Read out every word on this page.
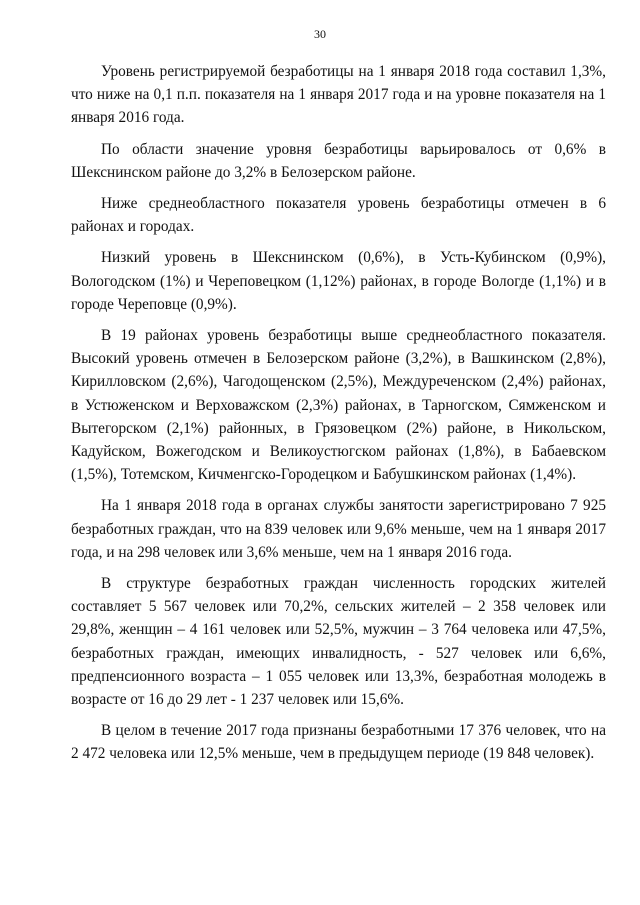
30

Уровень регистрируемой безработицы на 1 января 2018 года составил 1,3%, что ниже на 0,1 п.п. показателя на 1 января 2017 года и на уровне показателя на 1 января 2016 года.

По области значение уровня безработицы варьировалось от 0,6% в Шекснинском районе до 3,2% в Белозерском районе.

Ниже среднеобластного показателя уровень безработицы отмечен в 6 районах и городах.

Низкий уровень в Шекснинском (0,6%), в Усть-Кубинском (0,9%), Вологодском (1%) и Череповецком (1,12%) районах, в городе Вологде (1,1%) и в городе Череповце (0,9%).

В 19 районах уровень безработицы выше среднеобластного показателя. Высокий уровень отмечен в Белозерском районе (3,2%), в Вашкинском (2,8%), Кирилловском (2,6%), Чагодощенском (2,5%), Междуреченском (2,4%) районах, в Устюженском и Верховажском (2,3%) районах, в Тарногском, Сямженском и Вытегорском (2,1%) районных, в Грязовецком (2%) районе, в Никольском, Кадуйском, Вожегодском и Великоустюгском районах (1,8%), в Бабаевском (1,5%), Тотемском, Кичменгско-Городецком и Бабушкинском районах (1,4%).

На 1 января 2018 года в органах службы занятости зарегистрировано 7 925 безработных граждан, что на 839 человек или 9,6% меньше, чем на 1 января 2017 года, и на 298 человек или 3,6% меньше, чем на 1 января 2016 года.

В структуре безработных граждан численность городских жителей составляет 5 567 человек или 70,2%, сельских жителей – 2 358 человек или 29,8%, женщин – 4 161 человек или 52,5%, мужчин – 3 764 человека или 47,5%, безработных граждан, имеющих инвалидность, - 527 человек или 6,6%, предпенсионного возраста – 1 055 человек или 13,3%, безработная молодежь в возрасте от 16 до 29 лет - 1 237 человек или 15,6%.

В целом в течение 2017 года признаны безработными 17 376 человек, что на 2 472 человека или 12,5% меньше, чем в предыдущем периоде (19 848 человек).
